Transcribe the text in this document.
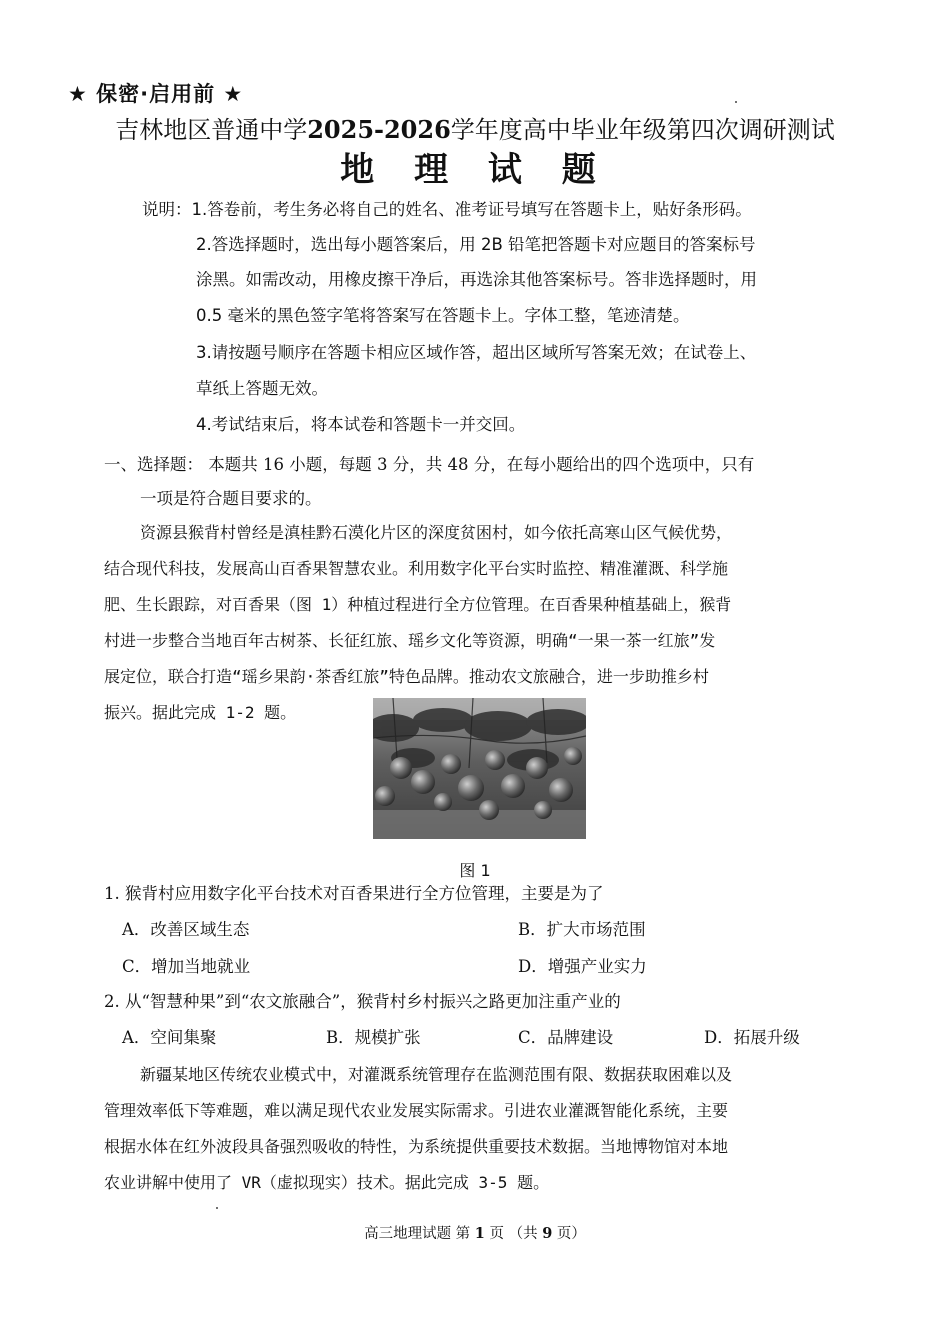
★ 保密·启用前 ★
吉林地区普通中学2025-2026学年度高中毕业年级第四次调研测试
地 理 试 题
说明：1.答卷前，考生务必将自己的姓名、准考证号填写在答题卡上，贴好条形码。
2.答选择题时，选出每小题答案后，用 2B 铅笔把答题卡对应题目的答案标号
涂黑。如需改动，用橡皮擦干净后，再选涂其他答案标号。答非选择题时，用
0.5 毫米的黑色签字笔将答案写在答题卡上。字体工整，笔迹清楚。
3.请按题号顺序在答题卡相应区域作答，超出区域所写答案无效；在试卷上、
草纸上答题无效。
4.考试结束后，将本试卷和答题卡一并交回。
一、选择题： 本题共 16 小题，每题 3 分，共 48 分，在每小题给出的四个选项中，只有
一项是符合题目要求的。
资源县猴背村曾经是滇桂黔石漠化片区的深度贫困村，如今依托高寒山区气候优势，
结合现代科技，发展高山百香果智慧农业。利用数字化平台实时监控、精准灌溉、科学施
肥、生长跟踪，对百香果（图 1）种植过程进行全方位管理。在百香果种植基础上，猴背
村进一步整合当地百年古树茶、长征红旅、瑶乡文化等资源，明确“一果一茶一红旅”发
展定位，联合打造“瑶乡果韵·茶香红旅”特色品牌。推动农文旅融合，进一步助推乡村
振兴。据此完成 1-2 题。
图 1
1. 猴背村应用数字化平台技术对百香果进行全方位管理，主要是为了
A．改善区域生态	B．扩大市场范围
C．增加当地就业	D．增强产业实力
2. 从“智慧种果”到“农文旅融合”，猴背村乡村振兴之路更加注重产业的
A．空间集聚	B．规模扩张	C．品牌建设	D．拓展升级
新疆某地区传统农业模式中，对灌溉系统管理存在监测范围有限、数据获取困难以及
管理效率低下等难题，难以满足现代农业发展实际需求。引进农业灌溉智能化系统，主要
根据水体在红外波段具备强烈吸收的特性，为系统提供重要技术数据。当地博物馆对本地
农业讲解中使用了 VR（虚拟现实）技术。据此完成 3-5 题。
高三地理试题 第 1 页 （共 9 页）
